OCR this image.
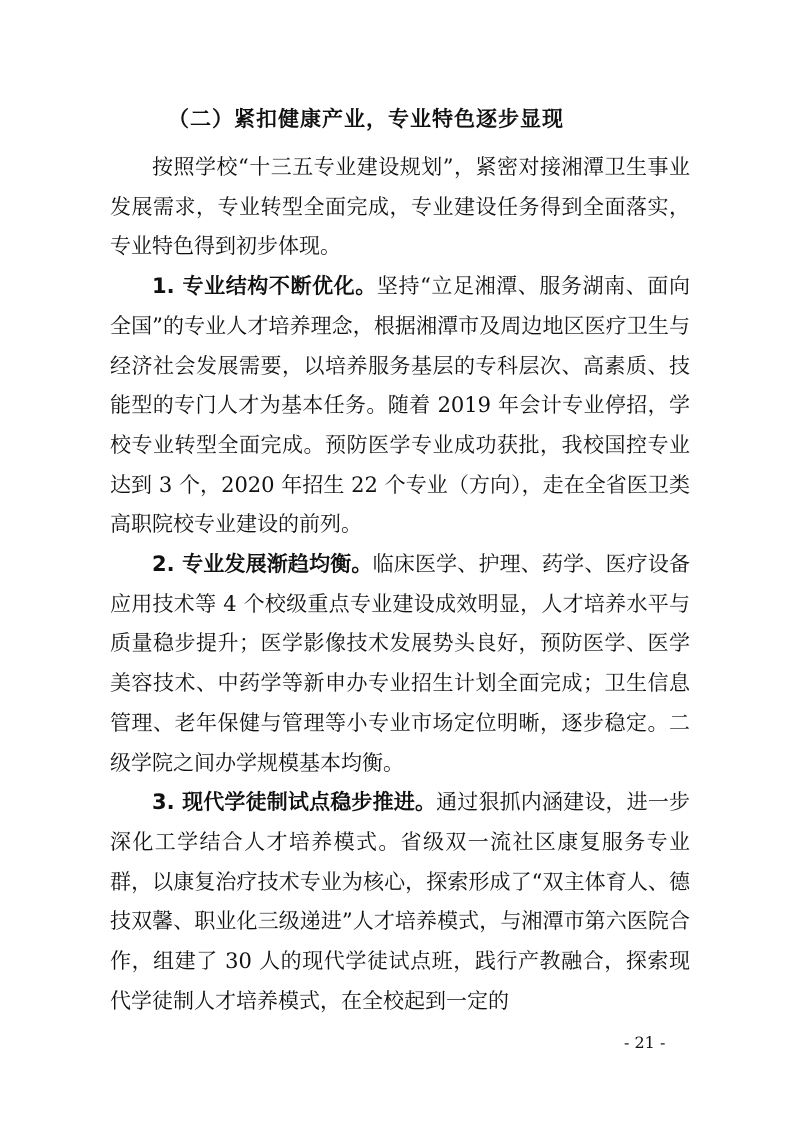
（二）紧扣健康产业，专业特色逐步显现

按照学校“十三五专业建设规划”，紧密对接湘潭卫生事业发展需求，专业转型全面完成，专业建设任务得到全面落实，专业特色得到初步体现。

1. 专业结构不断优化。坚持“立足湘潭、服务湖南、面向全国”的专业人才培养理念，根据湘潭市及周边地区医疗卫生与经济社会发展需要，以培养服务基层的专科层次、高素质、技能型的专门人才为基本任务。随着 2019 年会计专业停招，学校专业转型全面完成。预防医学专业成功获批，我校国控专业达到 3 个，2020 年招生 22 个专业（方向），走在全省医卫类高职院校专业建设的前列。

2. 专业发展渐趋均衡。临床医学、护理、药学、医疗设备应用技术等 4 个校级重点专业建设成效明显，人才培养水平与质量稳步提升；医学影像技术发展势头良好，预防医学、医学美容技术、中药学等新申办专业招生计划全面完成；卫生信息管理、老年保健与管理等小专业市场定位明晰，逐步稳定。二级学院之间办学规模基本均衡。

3. 现代学徒制试点稳步推进。通过狠抓内涵建设，进一步深化工学结合人才培养模式。省级双一流社区康复服务专业群，以康复治疗技术专业为核心，探索形成了“双主体育人、德技双馨、职业化三级递进”人才培养模式，与湘潭市第六医院合作，组建了 30 人的现代学徒试点班，践行产教融合，探索现代学徒制人才培养模式，在全校起到一定的

- 21 -
